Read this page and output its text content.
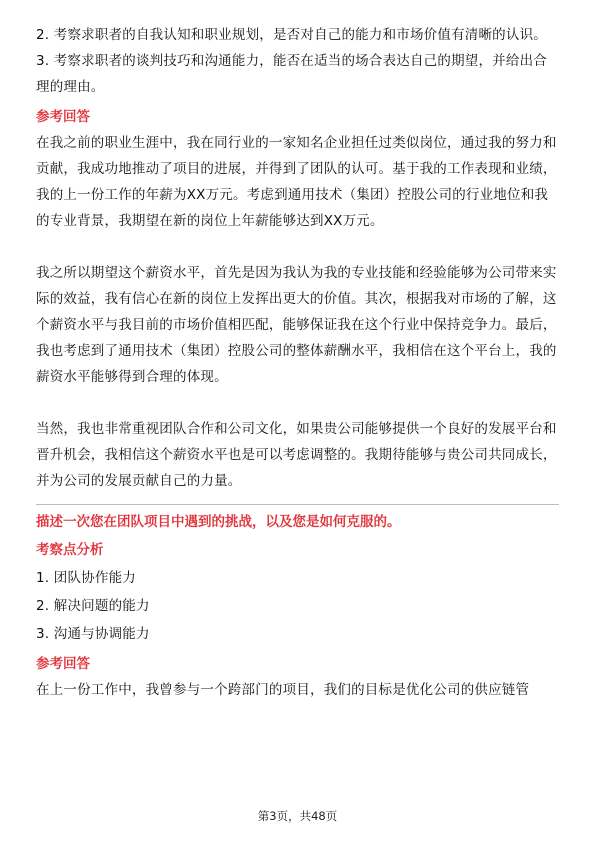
2. 考察求职者的自我认知和职业规划，是否对自己的能力和市场价值有清晰的认识。

3. 考察求职者的谈判技巧和沟通能力，能否在适当的场合表达自己的期望，并给出合理的理由。

参考回答

在我之前的职业生涯中，我在同行业的一家知名企业担任过类似岗位，通过我的努力和贡献，我成功地推动了项目的进展，并得到了团队的认可。基于我的工作表现和业绩，我的上一份工作的年薪为XX万元。考虑到通用技术（集团）控股公司的行业地位和我的专业背景，我期望在新的岗位上年薪能够达到XX万元。

我之所以期望这个薪资水平，首先是因为我认为我的专业技能和经验能够为公司带来实际的效益，我有信心在新的岗位上发挥出更大的价值。其次，根据我对市场的了解，这个薪资水平与我目前的市场价值相匹配，能够保证我在这个行业中保持竞争力。最后，我也考虑到了通用技术（集团）控股公司的整体薪酬水平，我相信在这个平台上，我的薪资水平能够得到合理的体现。

当然，我也非常重视团队合作和公司文化，如果贵公司能够提供一个良好的发展平台和晋升机会，我相信这个薪资水平也是可以考虑调整的。我期待能够与贵公司共同成长，并为公司的发展贡献自己的力量。

描述一次您在团队项目中遇到的挑战，以及您是如何克服的。

考察点分析

1. 团队协作能力

2. 解决问题的能力

3. 沟通与协调能力

参考回答

在上一份工作中，我曾参与一个跨部门的项目，我们的目标是优化公司的供应链管

第3页，共48页
